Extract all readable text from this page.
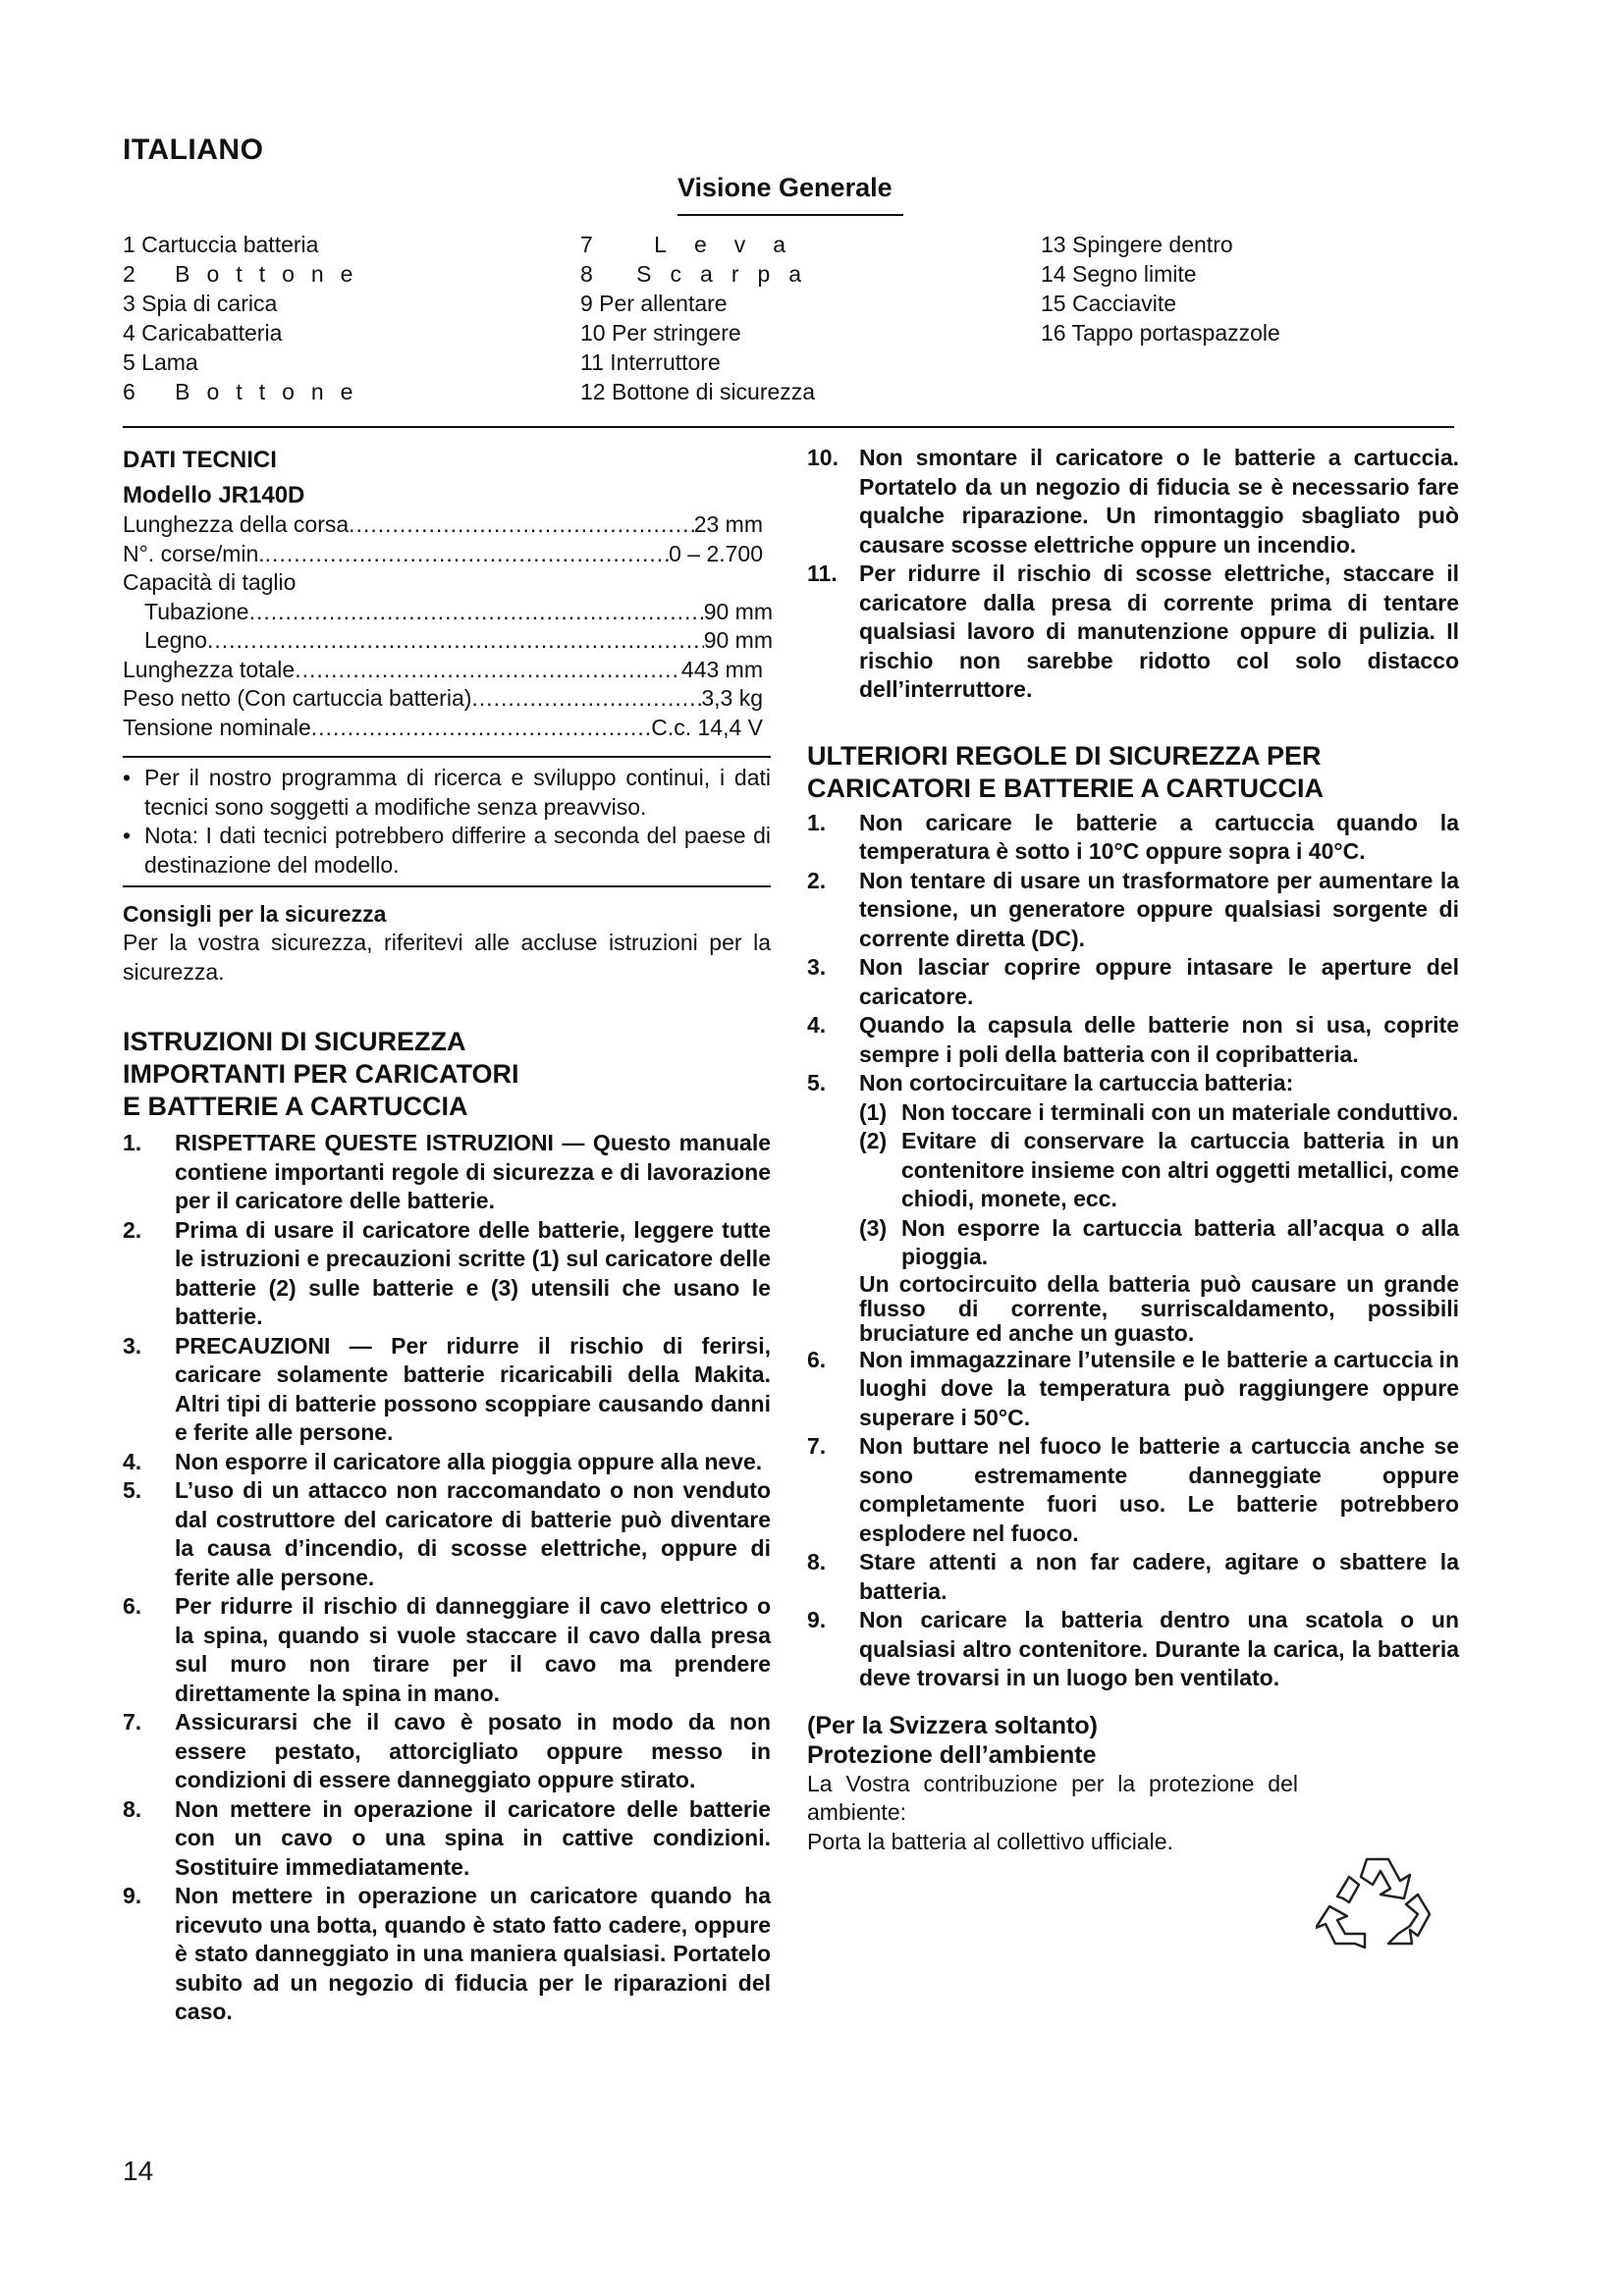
ITALIANO
Visione Generale
1 Cartuccia batteria
2 Bottone
3 Spia di carica
4 Caricabatteria
5 Lama
6 Bottone
7 Leva
8 Scarpa
9 Per allentare
10 Per stringere
11 Interruttore
12 Bottone di sicurezza
13 Spingere dentro
14 Segno limite
15 Cacciavite
16 Tappo portaspazzole
DATI TECNICI
Modello JR140D
Lunghezza della corsa .....	23 mm
N°. corse/min. .....	0 – 2.700
Capacità di taglio
Tubazione .....	90 mm
Legno .....	90 mm
Lunghezza totale .....	443 mm
Peso netto (Con cartuccia batteria) .....	3,3 kg
Tensione nominale .....	C.c. 14,4 V
• Per il nostro programma di ricerca e sviluppo continui, i dati tecnici sono soggetti a modifiche senza preavviso.
• Nota: I dati tecnici potrebbero differire a seconda del paese di destinazione del modello.
Consigli per la sicurezza
Per la vostra sicurezza, riferitevi alle accluse istruzioni per la sicurezza.
ISTRUZIONI DI SICUREZZA
IMPORTANTI PER CARICATORI
E BATTERIE A CARTUCCIA
1.	RISPETTARE QUESTE ISTRUZIONI — Questo manuale contiene importanti regole di sicurezza e di lavorazione per il caricatore delle batterie.
2.	Prima di usare il caricatore delle batterie, leggere tutte le istruzioni e precauzioni scritte (1) sul caricatore delle batterie (2) sulle batterie e (3) utensili che usano le batterie.
3.	PRECAUZIONI — Per ridurre il rischio di ferirsi, caricare solamente batterie ricaricabili della Makita. Altri tipi di batterie possono scoppiare causando danni e ferite alle persone.
4.	Non esporre il caricatore alla pioggia oppure alla neve.
5.	L’uso di un attacco non raccomandato o non venduto dal costruttore del caricatore di batterie può diventare la causa d’incendio, di scosse elettriche, oppure di ferite alle persone.
6.	Per ridurre il rischio di danneggiare il cavo elettrico o la spina, quando si vuole staccare il cavo dalla presa sul muro non tirare per il cavo ma prendere direttamente la spina in mano.
7.	Assicurarsi che il cavo è posato in modo da non essere pestato, attorcigliato oppure messo in condizioni di essere danneggiato oppure stirato.
8.	Non mettere in operazione il caricatore delle batterie con un cavo o una spina in cattive condizioni. Sostituire immediatamente.
9.	Non mettere in operazione un caricatore quando ha ricevuto una botta, quando è stato fatto cadere, oppure è stato danneggiato in una maniera qualsiasi. Portatelo subito ad un negozio di fiducia per le riparazioni del caso.
10. Non smontare il caricatore o le batterie a cartuccia. Portatelo da un negozio di fiducia se è necessario fare qualche riparazione. Un rimontaggio sbagliato può causare scosse elettriche oppure un incendio.
11. Per ridurre il rischio di scosse elettriche, staccare il caricatore dalla presa di corrente prima di tentare qualsiasi lavoro di manutenzione oppure di pulizia. Il rischio non sarebbe ridotto col solo distacco dell’interruttore.
ULTERIORI REGOLE DI SICUREZZA PER
CARICATORI E BATTERIE A CARTUCCIA
1.	Non caricare le batterie a cartuccia quando la temperatura è sotto i 10°C oppure sopra i 40°C.
2.	Non tentare di usare un trasformatore per aumentare la tensione, un generatore oppure qualsiasi sorgente di corrente diretta (DC).
3.	Non lasciar coprire oppure intasare le aperture del caricatore.
4.	Quando la capsula delle batterie non si usa, coprite sempre i poli della batteria con il copribatteria.
5.	Non cortocircuitare la cartuccia batteria:
(1) Non toccare i terminali con un materiale conduttivo.
(2) Evitare di conservare la cartuccia batteria in un contenitore insieme con altri oggetti metallici, come chiodi, monete, ecc.
(3) Non esporre la cartuccia batteria all’acqua o alla pioggia.
Un cortocircuito della batteria può causare un grande flusso di corrente, surriscaldamento, possibili bruciature ed anche un guasto.
6.	Non immagazzinare l’utensile e le batterie a cartuccia in luoghi dove la temperatura può raggiungere oppure superare i 50°C.
7.	Non buttare nel fuoco le batterie a cartuccia anche se sono estremamente danneggiate oppure completamente fuori uso. Le batterie potrebbero esplodere nel fuoco.
8.	Stare attenti a non far cadere, agitare o sbattere la batteria.
9.	Non caricare la batteria dentro una scatola o un qualsiasi altro contenitore. Durante la carica, la batteria deve trovarsi in un luogo ben ventilato.
(Per la Svizzera soltanto)
Protezione dell’ambiente
La Vostra contribuzione per la protezione del ambiente:
Porta la batteria al collettivo ufficiale.
14
